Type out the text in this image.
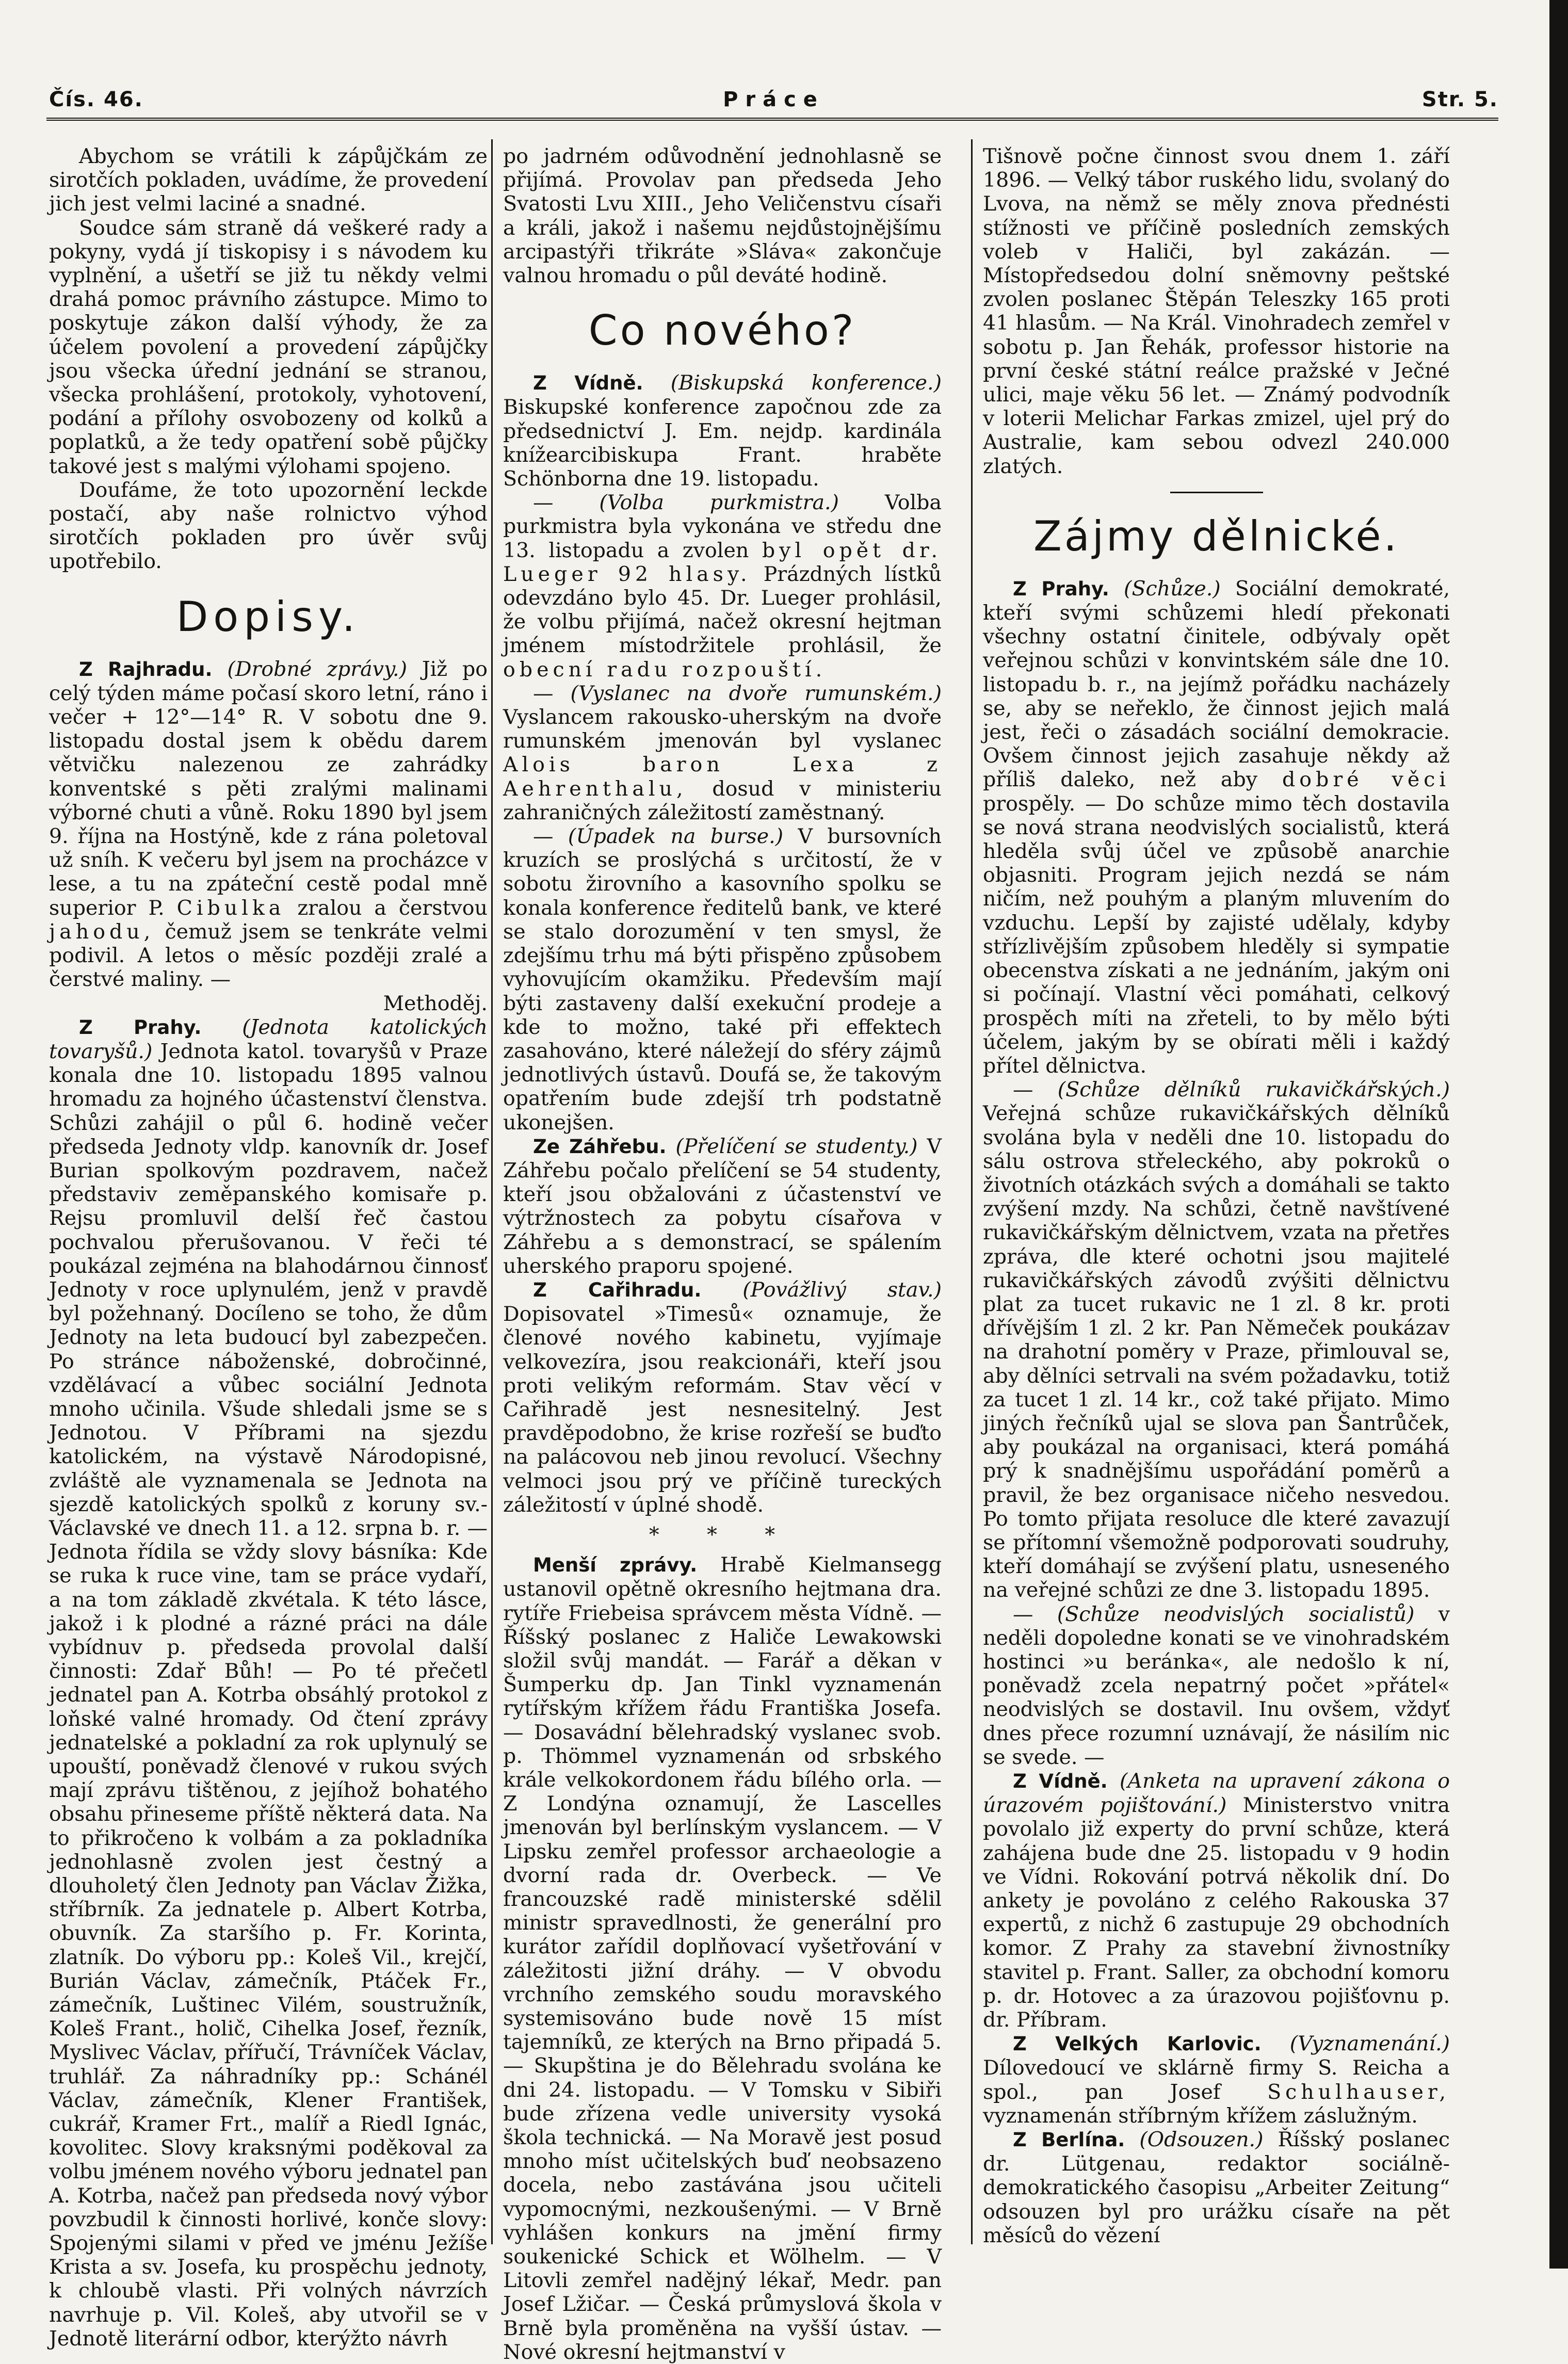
Čís. 46.	Práce	Str. 5.

Abychom se vrátili k zápůjčkám ze sirotčích pokladen, uvádíme, že provedení jich jest velmi laciné a snadné.

Soudce sám straně dá veškeré rady a pokyny, vydá jí tiskopisy i s návodem ku vyplnění, a ušetří se již tu někdy velmi drahá pomoc právního zástupce. Mimo to poskytuje zákon další výhody, že za účelem povolení a provedení zápůjčky jsou všecka úřední jednání se stranou, všecka prohlášení, protokoly, vyhotovení, podání a přílohy osvobozeny od kolků a poplatků, a že tedy opatření sobě půjčky takové jest s malými výlohami spojeno.

Doufáme, že toto upozornění leckde postačí, aby naše rolnictvo výhod sirotčích pokladen pro úvěr svůj upotřebilo.

Dopisy.

Z Rajhradu. (Drobné zprávy.) Již po celý týden máme počasí skoro letní, ráno i večer + 12°—14° R. V sobotu dne 9. listopadu dostal jsem k obědu darem větvičku nalezenou ze zahrádky konventské s pěti zralými malinami výborné chuti a vůně. Roku 1890 byl jsem 9. října na Hostýně, kde z rána poletoval už sníh. K večeru byl jsem na procházce v lese, a tu na zpáteční cestě podal mně superior P. Cibulka zralou a čerstvou jahodu, čemuž jsem se tenkráte velmi podivil. A letos o měsíc později zralé a čerstvé maliny. —

Methoděj.

Z Prahy. (Jednota katolických tovaryšů.) Jednota katol. tovaryšů v Praze konala dne 10. listopadu 1895 valnou hromadu za hojného účastenství členstva. Schůzi zahájil o půl 6. hodině večer předseda Jednoty vldp. kanovník dr. Josef Burian spolkovým pozdravem, načež představiv zeměpanského komisaře p. Rejsu promluvil delší řeč častou pochvalou přerušovanou. V řeči té poukázal zejména na blahodárnou činnosť Jednoty v roce uplynulém, jenž v pravdě byl požehnaný. Docíleno se toho, že dům Jednoty na leta budoucí byl zabezpečen. Po stránce náboženské, dobročinné, vzdělávací a vůbec sociální Jednota mnoho učinila. Všude shledali jsme se s Jednotou. V Příbrami na sjezdu katolickém, na výstavě Národopisné, zvláště ale vyznamenala se Jednota na sjezdě katolických spolků z koruny sv.-Václavské ve dnech 11. a 12. srpna b. r. — Jednota řídila se vždy slovy básníka: Kde se ruka k ruce vine, tam se práce vydaří, a na tom základě zkvétala. K této lásce, jakož i k plodné a rázné práci na dále vybídnuv p. předseda provolal další činnosti: Zdař Bůh! — Po té přečetl jednatel pan A. Kotrba obsáhlý protokol z loňské valné hromady. Od čtení zprávy jednatelské a pokladní za rok uplynulý se upouští, poněvadž členové v rukou svých mají zprávu tištěnou, z jejíhož bohatého obsahu přineseme příště některá data. Na to přikročeno k volbám a za pokladníka jednohlasně zvolen jest čestný a dlouholetý člen Jednoty pan Václav Žižka, stříbrník. Za jednatele p. Albert Kotrba, obuvník. Za staršího p. Fr. Korinta, zlatník. Do výboru pp.: Koleš Vil., krejčí, Burián Václav, zámečník, Ptáček Fr., zámečník, Luštinec Vilém, soustružník, Koleš Frant., holič, Cihelka Josef, řezník, Myslivec Václav, přířučí, Trávníček Václav, truhlář. Za náhradníky pp.: Schánél Václav, zámečník, Klener František, cukrář, Kramer Frt., malíř a Riedl Ignác, kovolitec. Slovy kraksnými poděkoval za volbu jménem nového výboru jednatel pan A. Kotrba, načež pan předseda nový výbor povzbudil k činnosti horlivé, konče slovy: Spojenými silami v před ve jménu Ježíše Krista a sv. Josefa, ku prospěchu jednoty, k chloubě vlasti. Při volných návrzích navrhuje p. Vil. Koleš, aby utvořil se v Jednotě literární odbor, kterýžto návrh

po jadrném odůvodnění jednohlasně se přijímá. Provolav pan předseda Jeho Svatosti Lvu XIII., Jeho Veličenstvu císaři a králi, jakož i našemu nejdůstojnějšímu arcipastýři třikráte »Sláva« zakončuje valnou hromadu o půl deváté hodině.

Co nového?

Z Vídně. (Biskupská konference.) Biskupské konference započnou zde za předsednictví J. Em. nejdp. kardinála knížearcibiskupa Frant. hraběte Schönborna dne 19. listopadu.

— (Volba purkmistra.) Volba purkmistra byla vykonána ve středu dne 13. listopadu a zvolen byl opět dr. Lueger 92 hlasy. Prázdných lístků odevzdáno bylo 45. Dr. Lueger prohlásil, že volbu přijímá, načež okresní hejtman jménem místodržitele prohlásil, že obecní radu rozpouští.

— (Vyslanec na dvoře rumunském.) Vyslancem rakousko-uherským na dvoře rumunském jmenován byl vyslanec Alois baron Lexa z Aehrenthalu, dosud v ministeriu zahraničných záležitostí zaměstnaný.

— (Úpadek na burse.) V bursovních kruzích se proslýchá s určitostí, že v sobotu žirovního a kasovního spolku se konala konference ředitelů bank, ve které se stalo dorozumění v ten smysl, že zdejšímu trhu má býti přispěno způsobem vyhovujícím okamžiku. Především mají býti zastaveny další exekuční prodeje a kde to možno, také při effektech zasahováno, které náležejí do sféry zájmů jednotlivých ústavů. Doufá se, že takovým opatřením bude zdejší trh podstatně ukonejšen.

Ze Záhřebu. (Přelíčení se studenty.) V Záhřebu počalo přelíčení se 54 studenty, kteří jsou obžalováni z účastenství ve výtržnostech za pobytu císařova v Záhřebu a s demonstrací, se spálením uherského praporu spojené.

Z Cařihradu. (Povážlivý stav.) Dopisovatel »Timesů« oznamuje, že členové nového kabinetu, vyjímaje velkovezíra, jsou reakcionáři, kteří jsou proti velikým reformám. Stav věcí v Cařihradě jest nesnesitelný. Jest pravděpodobno, že krise rozřeší se buďto na palácovou neb jinou revolucí. Všechny velmoci jsou prý ve příčině tureckých záležitostí v úplné shodě.

* * *

Menší zprávy. Hrabě Kielmansegg ustanovil opětně okresního hejtmana dra. rytíře Friebeisa správcem města Vídně. — Říšský poslanec z Haliče Lewakowski složil svůj mandát. — Farář a děkan v Šumperku dp. Jan Tinkl vyznamenán rytířským křížem řádu Františka Josefa. — Dosavádní bělehradský vyslanec svob. p. Thömmel vyznamenán od srbského krále velkokordonem řádu bílého orla. — Z Londýna oznamují, že Lascelles jmenován byl berlínským vyslancem. — V Lipsku zemřel professor archaeologie a dvorní rada dr. Overbeck. — Ve francouzské radě ministerské sdělil ministr spravedlnosti, že generální pro kurátor zařídil doplňovací vyšetřování v záležitosti jižní dráhy. — V obvodu vrchního zemského soudu moravského systemisováno bude nově 15 míst tajemníků, ze kterých na Brno připadá 5. — Skupština je do Bělehradu svolána ke dni 24. listopadu. — V Tomsku v Sibiři bude zřízena vedle university vysoká škola technická. — Na Moravě jest posud mnoho míst učitelských buď neobsazeno docela, nebo zastávána jsou učiteli vypomocnými, nezkoušenými. — V Brně vyhlášen konkurs na jmění firmy soukenické Schick et Wölhelm. — V Litovli zemřel nadějný lékař, Medr. pan Josef Lžičar. — Česká průmyslová škola v Brně byla proměněna na vyšší ústav. — Nové okresní hejtmanství v

Tišnově počne činnost svou dnem 1. září 1896. — Velký tábor ruského lidu, svolaný do Lvova, na němž se měly znova přednésti stížnosti ve příčině posledních zemských voleb v Haliči, byl zakázán. — Místopředsedou dolní sněmovny peštské zvolen poslanec Štěpán Teleszky 165 proti 41 hlasům. — Na Král. Vinohradech zemřel v sobotu p. Jan Řehák, professor historie na první české státní reálce pražské v Ječné ulici, maje věku 56 let. — Známý podvodník v loterii Melichar Farkas zmizel, ujel prý do Australie, kam sebou odvezl 240.000 zlatých.

Zájmy dělnické.

Z Prahy. (Schůze.) Sociální demokraté, kteří svými schůzemi hledí překonati všechny ostatní činitele, odbývaly opět veřejnou schůzi v konvintském sále dne 10. listopadu b. r., na jejímž pořádku nacházely se, aby se neřeklo, že činnost jejich malá jest, řeči o zásadách sociální demokracie. Ovšem činnost jejich zasahuje někdy až příliš daleko, než aby dobré věci prospěly. — Do schůze mimo těch dostavila se nová strana neodvislých socialistů, která hleděla svůj účel ve způsobě anarchie objasniti. Program jejich nezdá se nám ničím, než pouhým a planým mluvením do vzduchu. Lepší by zajisté udělaly, kdyby střízlivějším způsobem hleděly si sympatie obecenstva získati a ne jednáním, jakým oni si počínají. Vlastní věci pomáhati, celkový prospěch míti na zřeteli, to by mělo býti účelem, jakým by se obírati měli i každý přítel dělnictva.

— (Schůze dělníků rukavičkářských.) Veřejná schůze rukavičkářských dělníků svolána byla v neděli dne 10. listopadu do sálu ostrova střeleckého, aby pokroků o životních otázkách svých a domáhali se takto zvýšení mzdy. Na schůzi, četně navštívené rukavičkářským dělnictvem, vzata na přetřes zpráva, dle které ochotni jsou majitelé rukavičkářských závodů zvýšiti dělnictvu plat za tucet rukavic ne 1 zl. 8 kr. proti dřívějším 1 zl. 2 kr. Pan Němeček poukázav na drahotní poměry v Praze, přimlouval se, aby dělníci setrvali na svém požadavku, totiž za tucet 1 zl. 14 kr., což také přijato. Mimo jiných řečníků ujal se slova pan Šantrůček, aby poukázal na organisaci, která pomáhá prý k snadnějšímu uspořádání poměrů a pravil, že bez organisace ničeho nesvedou. Po tomto přijata resoluce dle které zavazují se přítomní všemožně podporovati soudruhy, kteří domáhají se zvýšení platu, usneseného na veřejné schůzi ze dne 3. listopadu 1895.

— (Schůze neodvislých socialistů) v neděli dopoledne konati se ve vinohradském hostinci »u beránka«, ale nedošlo k ní, poněvadž zcela nepatrný počet »přátel« neodvislých se dostavil. Inu ovšem, vždyť dnes přece rozumní uznávají, že násilím nic se svede. —

Z Vídně. (Anketa na upravení zákona o úrazovém pojištování.) Ministerstvo vnitra povolalo již experty do první schůze, která zahájena bude dne 25. listopadu v 9 hodin ve Vídni. Rokování potrvá několik dní. Do ankety je povoláno z celého Rakouska 37 expertů, z nichž 6 zastupuje 29 obchodních komor. Z Prahy za stavební živnostníky stavitel p. Frant. Saller, za obchodní komoru p. dr. Hotovec a za úrazovou pojišťovnu p. dr. Příbram.

Z Velkých Karlovic. (Vyznamenání.) Dílovedoucí ve sklárně firmy S. Reicha a spol., pan Josef Schulhauser, vyznamenán stříbrným křížem záslužným.

Z Berlína. (Odsouzen.) Říšský poslanec dr. Lütgenau, redaktor sociálně-demokratického časopisu „Arbeiter Zeitung“ odsouzen byl pro urážku císaře na pět měsíců do vězení
